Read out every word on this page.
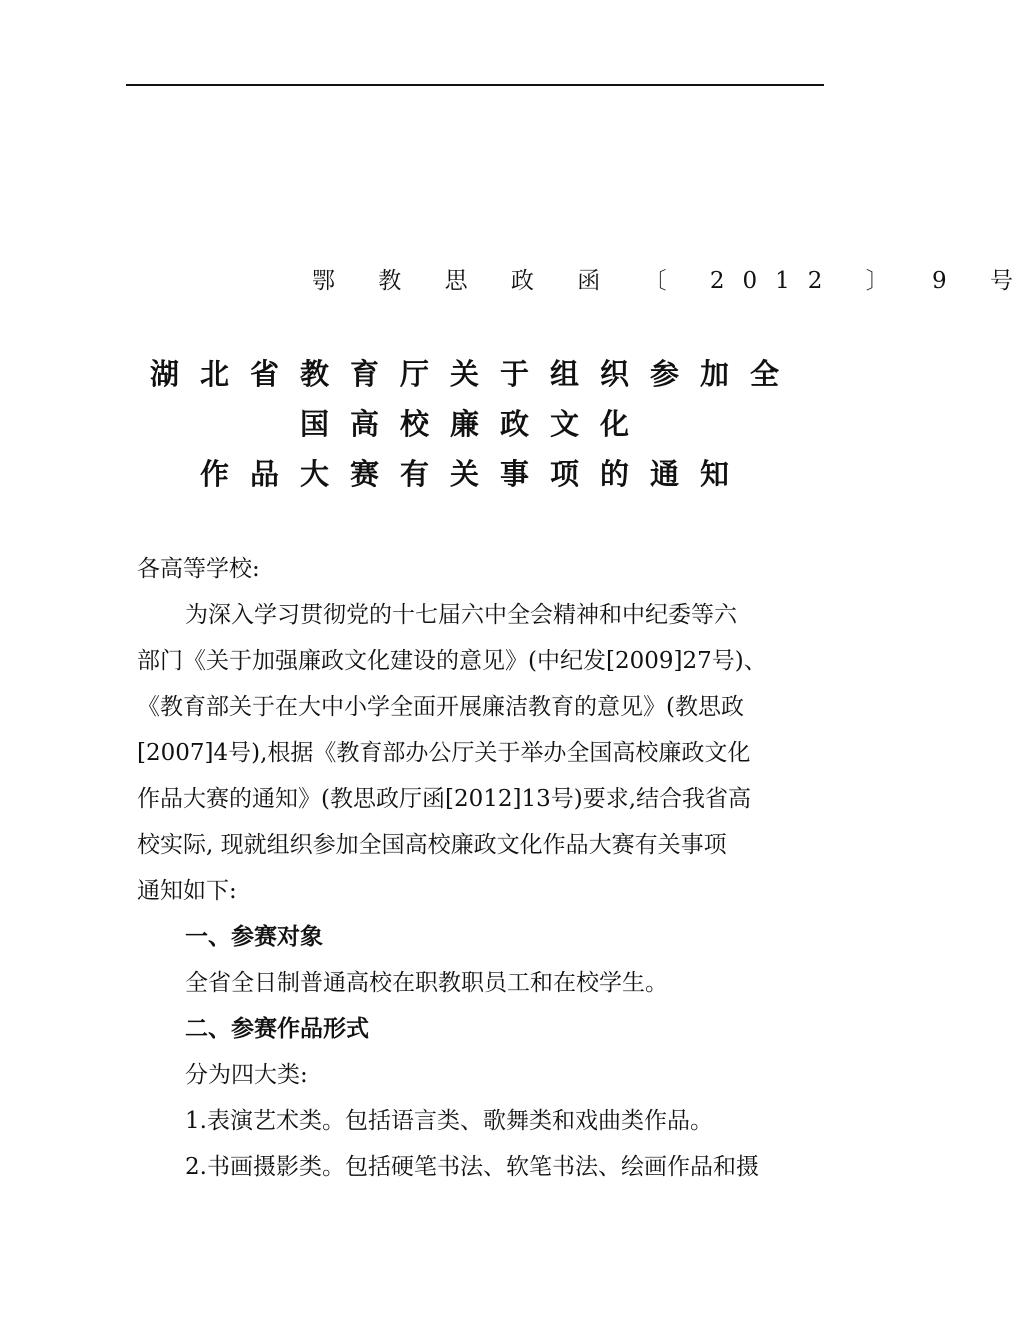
鄂 教 思 政 函 〔 2012 〕 9 号
湖北省教育厅关于组织参加全
国高校廉政文化
作品大赛有关事项的通知
各高等学校:
为深入学习贯彻党的十七届六中全会精神和中纪委等六
部门《关于加强廉政文化建设的意见》(中纪发[2009]27号)、
《教育部关于在大中小学全面开展廉洁教育的意见》(教思政
[2007]4号),根据《教育部办公厅关于举办全国高校廉政文化
作品大赛的通知》(教思政厅函[2012]13号)要求,结合我省高
校实际, 现就组织参加全国高校廉政文化作品大赛有关事项
通知如下:
一、参赛对象
全省全日制普通高校在职教职员工和在校学生。
二、参赛作品形式
分为四大类:
1.表演艺术类。包括语言类、歌舞类和戏曲类作品。
2.书画摄影类。包括硬笔书法、软笔书法、绘画作品和摄
